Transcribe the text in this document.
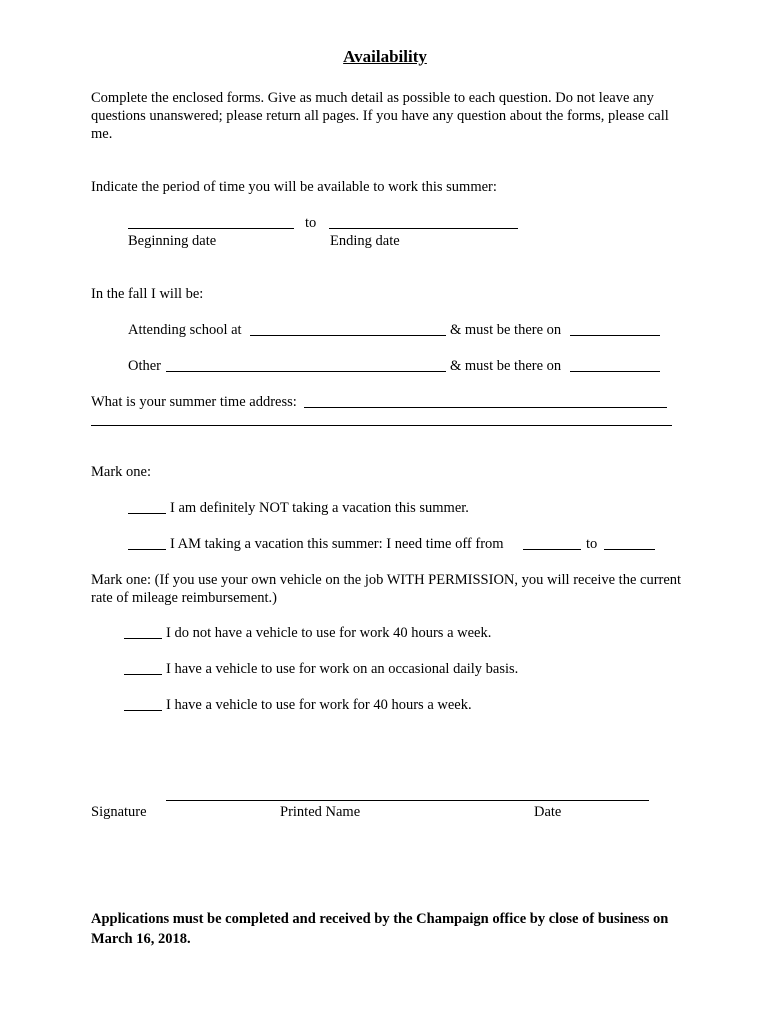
Availability
Complete the enclosed forms. Give as much detail as possible to each question. Do not leave any questions unanswered; please return all pages. If you have any question about the forms, please call me.
Indicate the period of time you will be available to work this summer:
to
Beginning date	Ending date
In the fall I will be:
Attending school at	& must be there on
Other	& must be there on
What is your summer time address:
Mark one:
I am definitely NOT taking a vacation this summer.
I AM taking a vacation this summer: I need time off from	to
Mark one: (If you use your own vehicle on the job WITH PERMISSION, you will receive the current rate of mileage reimbursement.)
I do not have a vehicle to use for work 40 hours a week.
I have a vehicle to use for work on an occasional daily basis.
I have a vehicle to use for work for 40 hours a week.
Signature	Printed Name	Date
Applications must be completed and received by the Champaign office by close of business on March 16, 2018.
